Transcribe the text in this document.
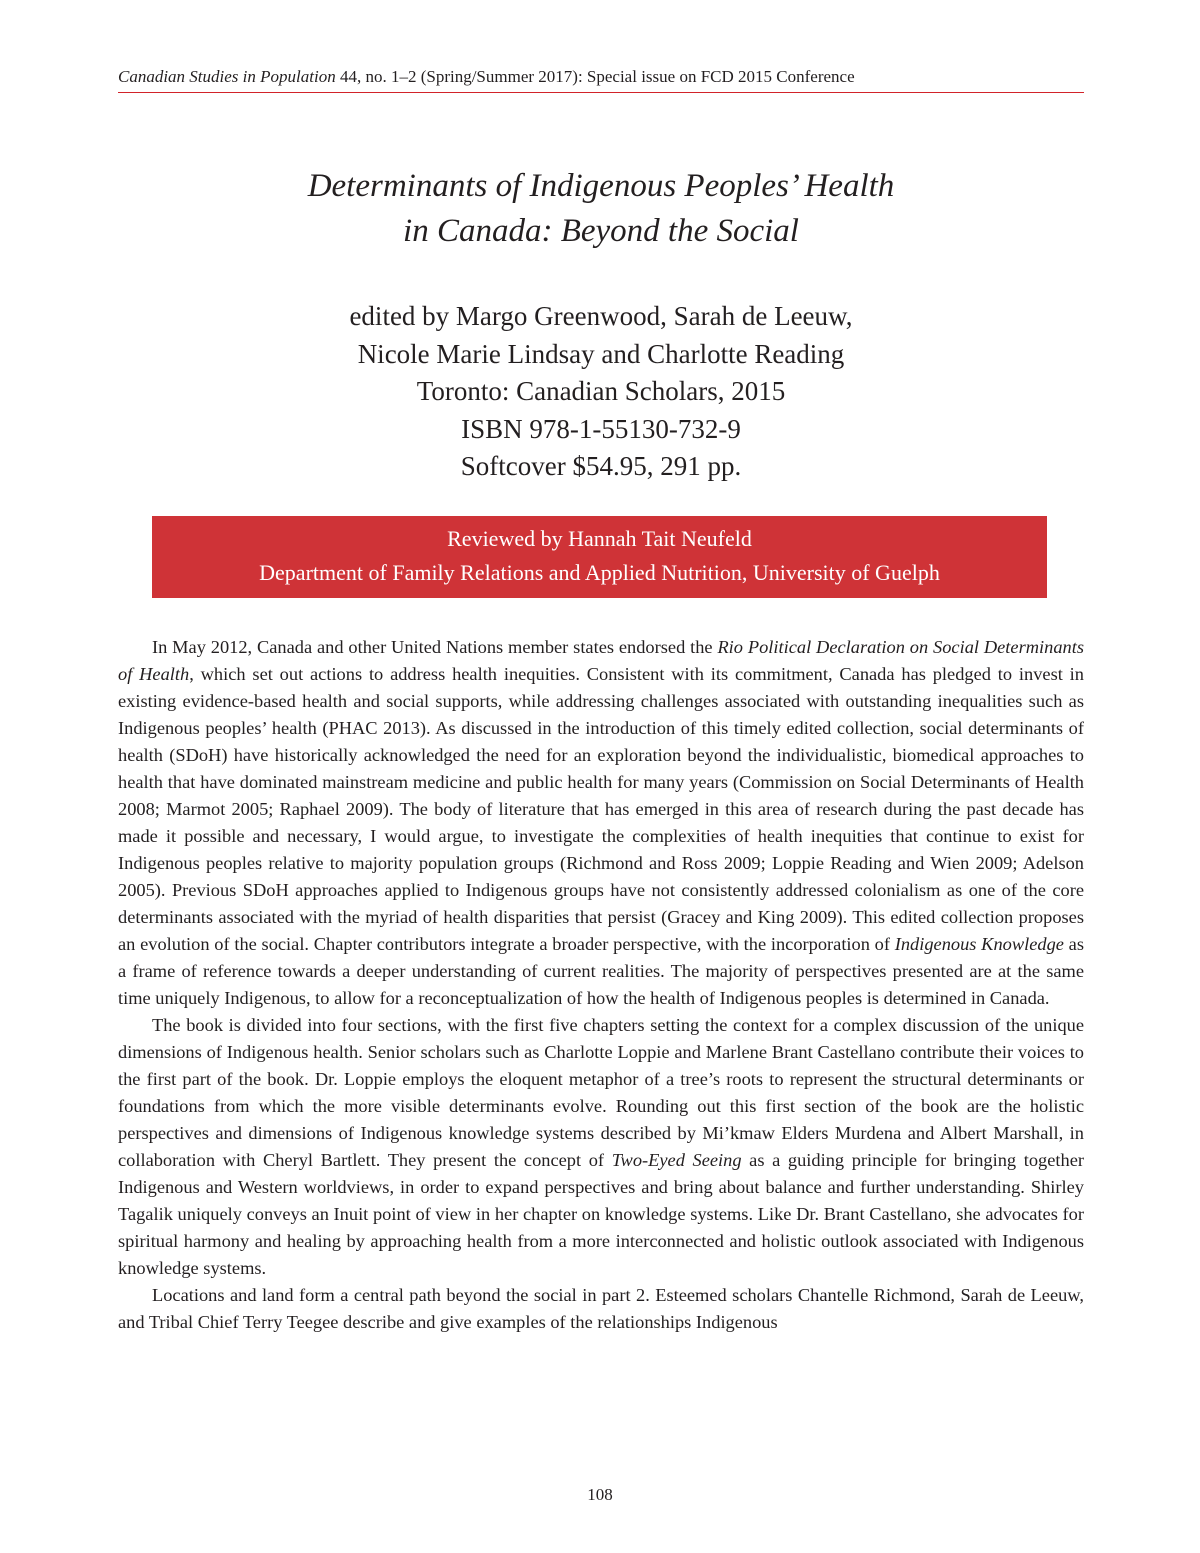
Canadian Studies in Population 44, no. 1–2 (Spring/Summer 2017): Special issue on FCD 2015 Conference
Determinants of Indigenous Peoples’ Health
in Canada: Beyond the Social
edited by Margo Greenwood, Sarah de Leeuw,
Nicole Marie Lindsay and Charlotte Reading
Toronto: Canadian Scholars, 2015
ISBN 978-1-55130-732-9
Softcover $54.95, 291 pp.
Reviewed by Hannah Tait Neufeld
Department of Family Relations and Applied Nutrition, University of Guelph

In May 2012, Canada and other United Nations member states endorsed the Rio Political Declaration on Social Determinants of Health, which set out actions to address health inequities. Consistent with its commitment, Canada has pledged to invest in existing evidence-based health and social supports, while addressing challenges associated with outstanding inequalities such as Indigenous peoples’ health (PHAC 2013). As discussed in the introduction of this timely edited collection, social determinants of health (SDoH) have historically acknowledged the need for an exploration beyond the individualistic, biomedical approaches to health that have dominated mainstream medicine and public health for many years (Commission on Social Determinants of Health 2008; Marmot 2005; Raphael 2009). The body of literature that has emerged in this area of research during the past decade has made it possible and necessary, I would argue, to investigate the complexities of health inequities that continue to exist for Indigenous peoples relative to majority population groups (Richmond and Ross 2009; Loppie Reading and Wien 2009; Adelson 2005). Previous SDoH approaches applied to Indigenous groups have not consistently addressed colonialism as one of the core determinants associated with the myriad of health disparities that persist (Gracey and King 2009). This edited collection proposes an evolution of the social. Chapter contributors integrate a broader perspective, with the incorporation of Indigenous Knowledge as a frame of reference towards a deeper understanding of current realities. The majority of perspectives presented are at the same time uniquely Indigenous, to allow for a reconceptualization of how the health of Indigenous peoples is determined in Canada.

The book is divided into four sections, with the first five chapters setting the context for a complex discussion of the unique dimensions of Indigenous health. Senior scholars such as Charlotte Loppie and Marlene Brant Castellano contribute their voices to the first part of the book. Dr. Loppie employs the eloquent metaphor of a tree’s roots to represent the structural determinants or foundations from which the more visible determinants evolve. Rounding out this first section of the book are the holistic perspectives and dimensions of Indigenous knowledge systems described by Mi’kmaw Elders Murdena and Albert Marshall, in collaboration with Cheryl Bartlett. They present the concept of Two-Eyed Seeing as a guiding principle for bringing together Indigenous and Western worldviews, in order to expand perspectives and bring about balance and further understanding. Shirley Tagalik uniquely conveys an Inuit point of view in her chapter on knowledge systems. Like Dr. Brant Castellano, she advocates for spiritual harmony and healing by approaching health from a more interconnected and holistic outlook associated with Indigenous knowledge systems.

Locations and land form a central path beyond the social in part 2. Esteemed scholars Chantelle Richmond, Sarah de Leeuw, and Tribal Chief Terry Teegee describe and give examples of the relationships Indigenous

108
